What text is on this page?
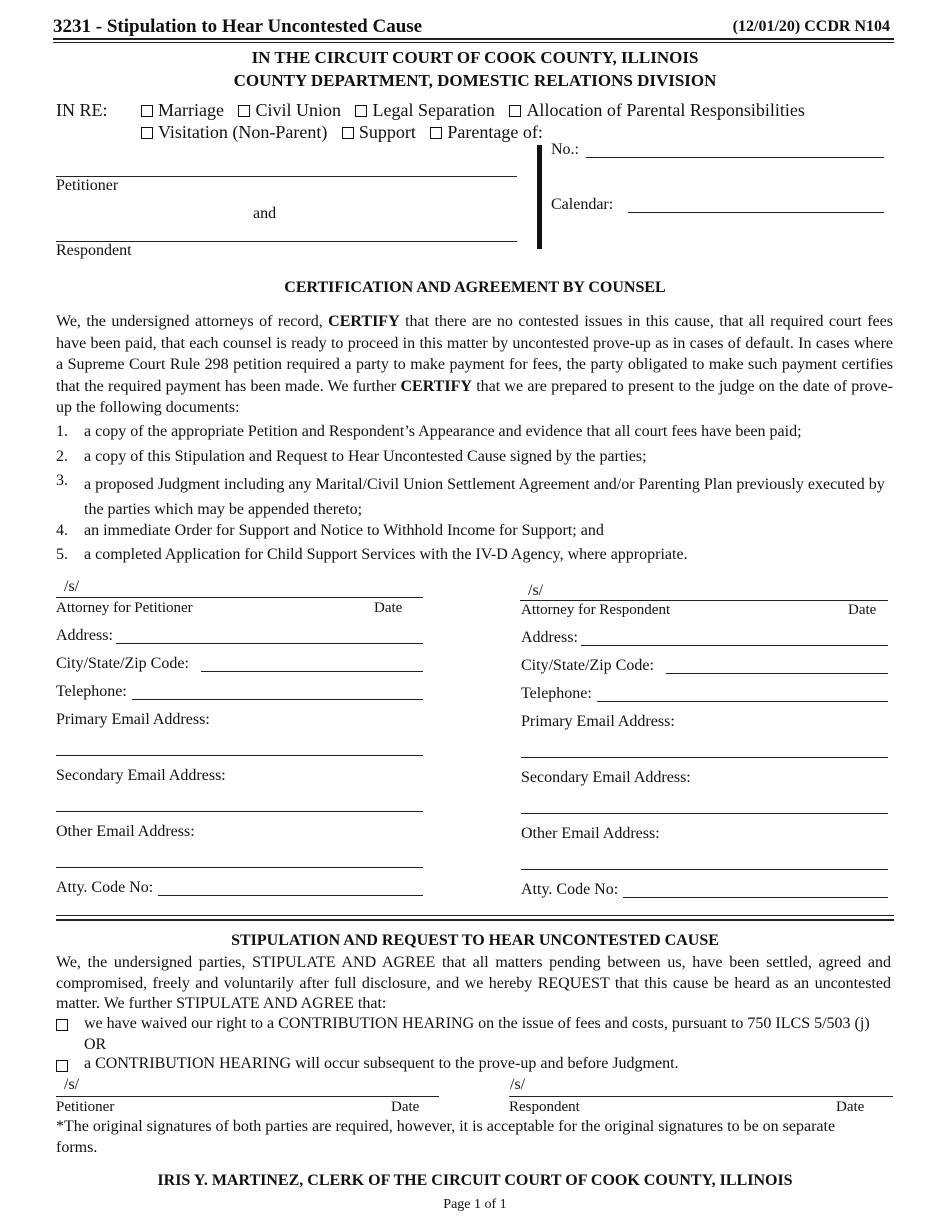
3231 - Stipulation to Hear Uncontested Cause	(12/01/20) CCDR N104
IN THE CIRCUIT COURT OF COOK COUNTY, ILLINOIS
COUNTY DEPARTMENT, DOMESTIC RELATIONS DIVISION
IN RE:	Marriage Civil Union Legal Separation Allocation of Parental Responsibilities
Visitation (Non-Parent) Support Parentage of:
Petitioner
and
Respondent
No.:
Calendar:
CERTIFICATION AND AGREEMENT BY COUNSEL
We, the undersigned attorneys of record, CERTIFY that there are no contested issues in this cause, that all required court fees have been paid, that each counsel is ready to proceed in this matter by uncontested prove-up as in cases of default. In cases where a Supreme Court Rule 298 petition required a party to make payment for fees, the party obligated to make such payment certifies that the required payment has been made. We further CERTIFY that we are prepared to present to the judge on the date of prove-up the following documents:
1. a copy of the appropriate Petition and Respondent’s Appearance and evidence that all court fees have been paid;
2. a copy of this Stipulation and Request to Hear Uncontested Cause signed by the parties;
3. a proposed Judgment including any Marital/Civil Union Settlement Agreement and/or Parenting Plan previously executed by the parties which may be appended thereto;
4. an immediate Order for Support and Notice to Withhold Income for Support; and
5. a completed Application for Child Support Services with the IV-D Agency, where appropriate.
/s/
Attorney for Petitioner	Date
Address:
City/State/Zip Code:
Telephone:
Primary Email Address:
Secondary Email Address:
Other Email Address:
Atty. Code No:
/s/
Attorney for Respondent	Date
Address:
City/State/Zip Code:
Telephone:
Primary Email Address:
Secondary Email Address:
Other Email Address:
Atty. Code No:
STIPULATION AND REQUEST TO HEAR UNCONTESTED CAUSE
We, the undersigned parties, STIPULATE AND AGREE that all matters pending between us, have been settled, agreed and compromised, freely and voluntarily after full disclosure, and we hereby REQUEST that this cause be heard as an uncontested matter. We further STIPULATE AND AGREE that:
we have waived our right to a CONTRIBUTION HEARING on the issue of fees and costs, pursuant to 750 ILCS 5/503 (j) OR
a CONTRIBUTION HEARING will occur subsequent to the prove-up and before Judgment.
/s/
Petitioner	Date
/s/
Respondent	Date
*The original signatures of both parties are required, however, it is acceptable for the original signatures to be on separate forms.
IRIS Y. MARTINEZ, CLERK OF THE CIRCUIT COURT OF COOK COUNTY, ILLINOIS
Page 1 of 1
